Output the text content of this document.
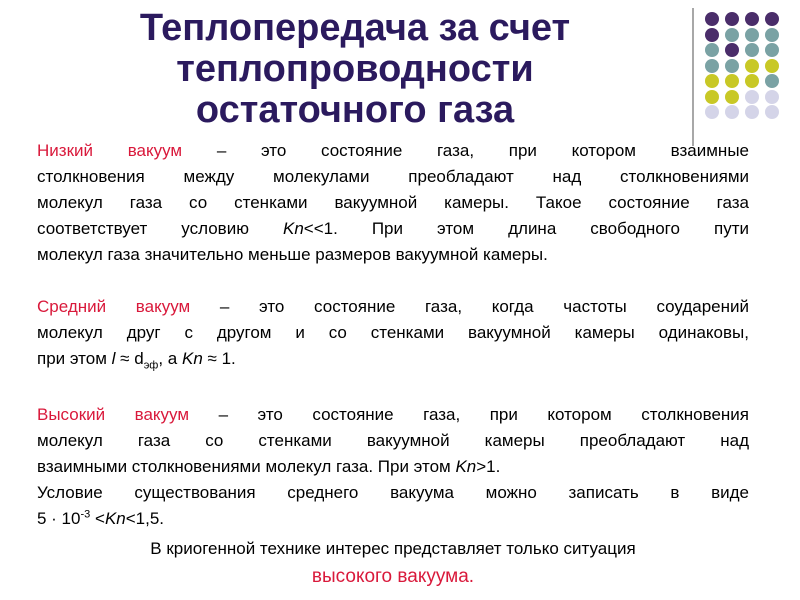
Теплопередача за счет
теплопроводности
остаточного газа
Низкий вакуум – это состояние газа, при котором взаимные
столкновения между молекулами преобладают над столкновениями
молекул газа со стенками вакуумной камеры. Такое состояние газа
соответствует условию Kn<<1. При этом длина свободного пути
молекул газа значительно меньше размеров вакуумной камеры.
Средний вакуум – это состояние газа, когда частоты соударений
молекул друг с другом и со стенками вакуумной камеры одинаковы,
при этом $l \approx d_{эф}$, а Kn ≈ 1.
Высокий вакуум – это состояние газа, при котором столкновения
молекул газа со стенками вакуумной камеры преобладают над
взаимными столкновениями молекул газа. При этом Kn>1.
Условие существования среднего вакуума можно записать в виде
$5 \cdot 10^{-3} <Kn<1,5$.
В криогенной технике интерес представляет только ситуация
высокого вакуума.
